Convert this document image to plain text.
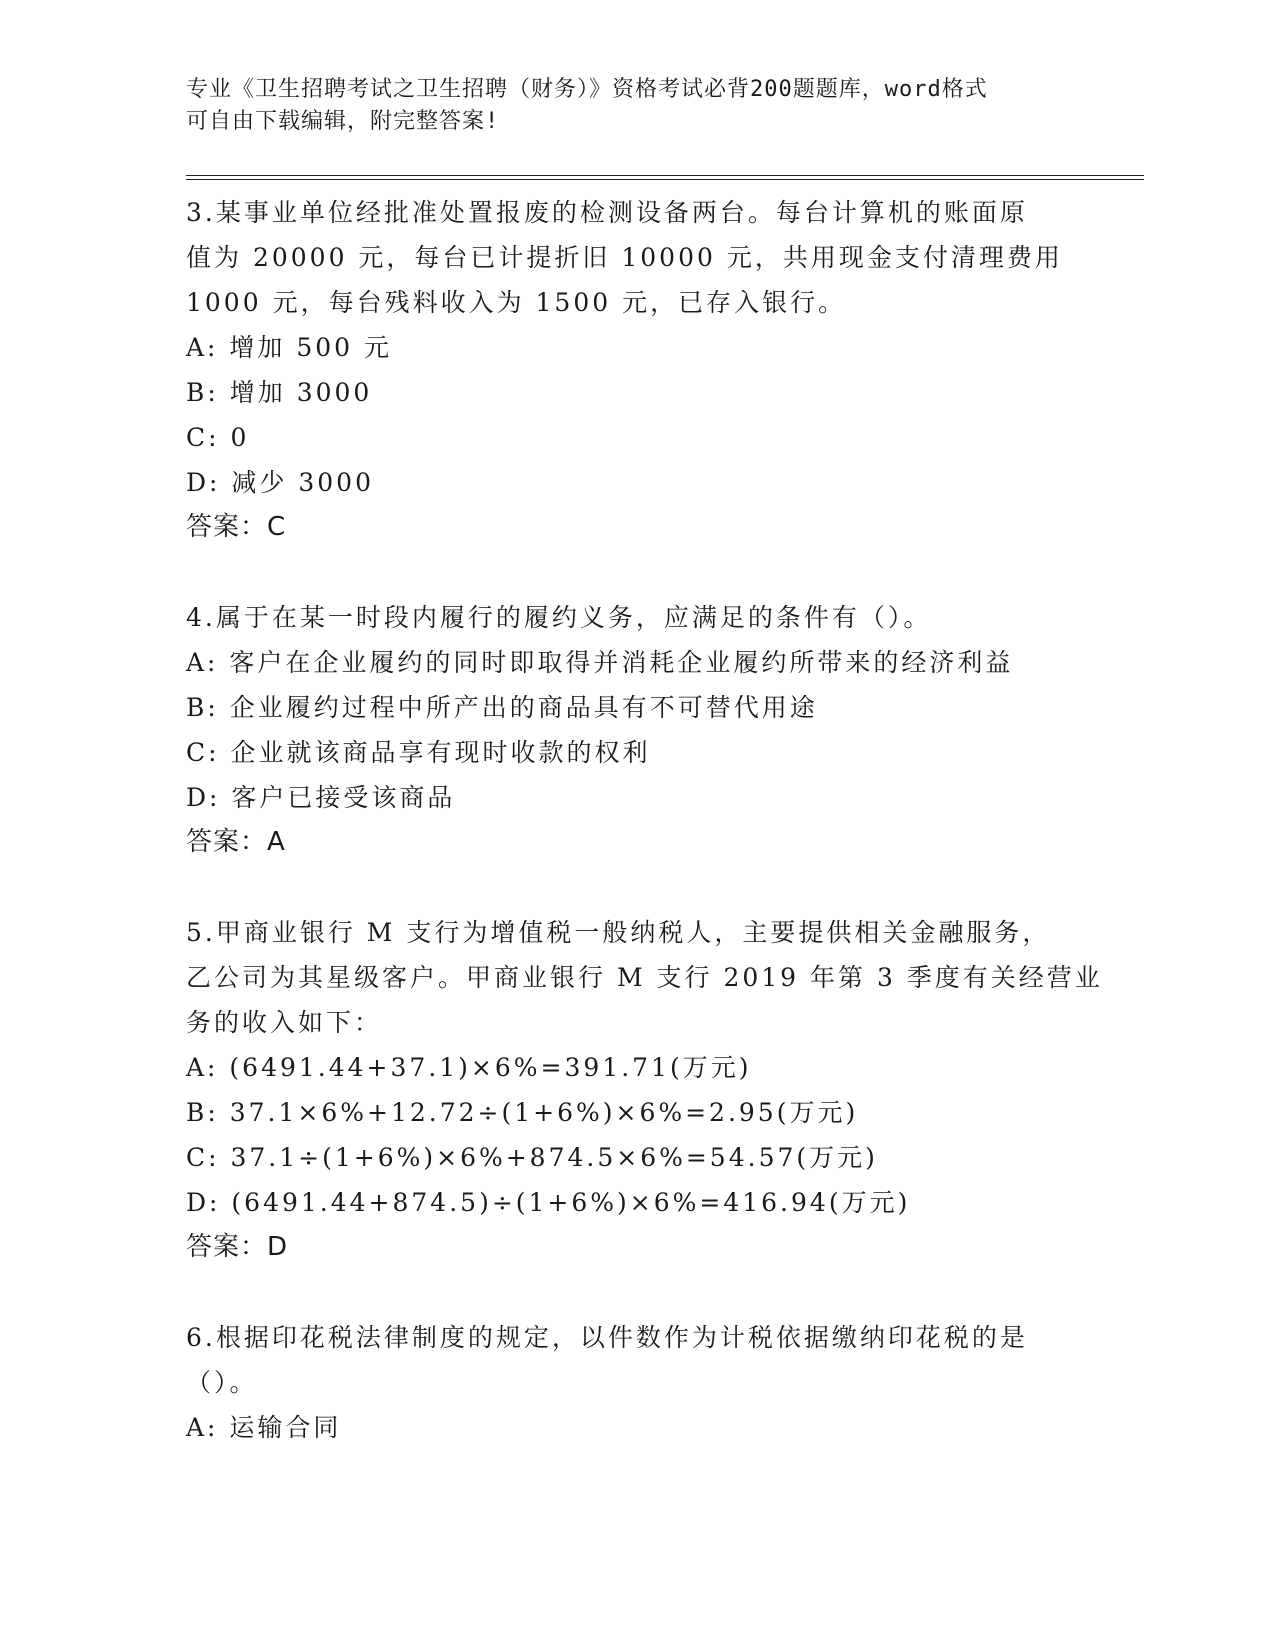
专业《卫生招聘考试之卫生招聘（财务）》资格考试必背200题题库，word格式
可自由下载编辑，附完整答案!
3.某事业单位经批准处置报废的检测设备两台。每台计算机的账面原
值为 20000 元，每台已计提折旧 10000 元，共用现金支付清理费用
1000 元，每台残料收入为 1500 元，已存入银行。
A: 增加 500 元
B: 增加 3000
C: 0
D: 减少 3000
答案：C
4.属于在某一时段内履行的履约义务，应满足的条件有（）。
A: 客户在企业履约的同时即取得并消耗企业履约所带来的经济利益
B: 企业履约过程中所产出的商品具有不可替代用途
C: 企业就该商品享有现时收款的权利
D: 客户已接受该商品
答案：A
5.甲商业银行 M 支行为增值税一般纳税人，主要提供相关金融服务，
乙公司为其星级客户。甲商业银行 M 支行 2019 年第 3 季度有关经营业
务的收入如下：
A: (6491.44+37.1)×6%=391.71(万元)
B: 37.1×6%+12.72÷(1+6%)×6%=2.95(万元)
C: 37.1÷(1+6%)×6%+874.5×6%=54.57(万元)
D: (6491.44+874.5)÷(1+6%)×6%=416.94(万元)
答案：D
6.根据印花税法律制度的规定，以件数作为计税依据缴纳印花税的是
（）。
A: 运输合同
